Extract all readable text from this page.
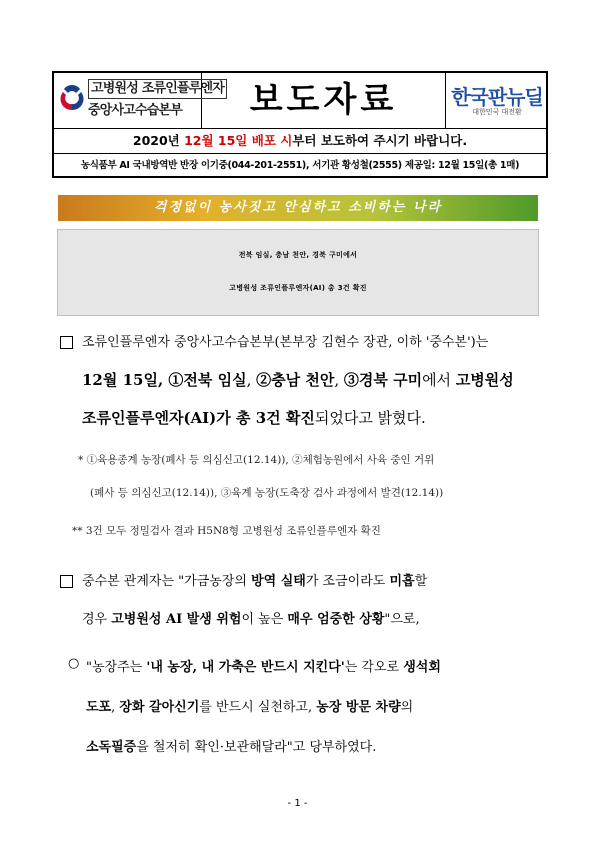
고병원성 조류인플루엔자
중앙사고수습본부	보도자료	한국판뉴딜
대한민국 대전환
2020년 12월 15일 배포 시부터 보도하여 주시기 바랍니다.
농식품부 AI 국내방역반 반장 이기중(044-201-2551), 서기관 황성철(2555) 제공일: 12월 15일(총 1매)
걱정없이 농사짓고 안심하고 소비하는 나라
전북 임실, 충남 천안, 경북 구미에서
고병원성 조류인플루엔자(AI) 총 3건 확진
조류인플루엔자 중앙사고수습본부(본부장 김현수 장관, 이하 '중수본')는
12월 15일, ①전북 임실, ②충남 천안, ③경북 구미에서 고병원성
조류인플루엔자(AI)가 총 3건 확진되었다고 밝혔다.
* ①육용종계 농장(폐사 등 의심신고(12.14)), ②체험농원에서 사육 중인 거위
(폐사 등 의심신고(12.14)), ③육계 농장(도축장 검사 과정에서 발견(12.14))
** 3건 모두 정밀검사 결과 H5N8형 고병원성 조류인플루엔자 확진
중수본 관계자는 "가금농장의 방역 실태가 조금이라도 미흡할
경우 고병원성 AI 발생 위험이 높은 매우 엄중한 상황"으로,
○ "농장주는 '내 농장, 내 가축은 반드시 지킨다'는 각오로 생석회
도포, 장화 갈아신기를 반드시 실천하고, 농장 방문 차량의
소독필증을 철저히 확인·보관해달라"고 당부하였다.
- 1 -
